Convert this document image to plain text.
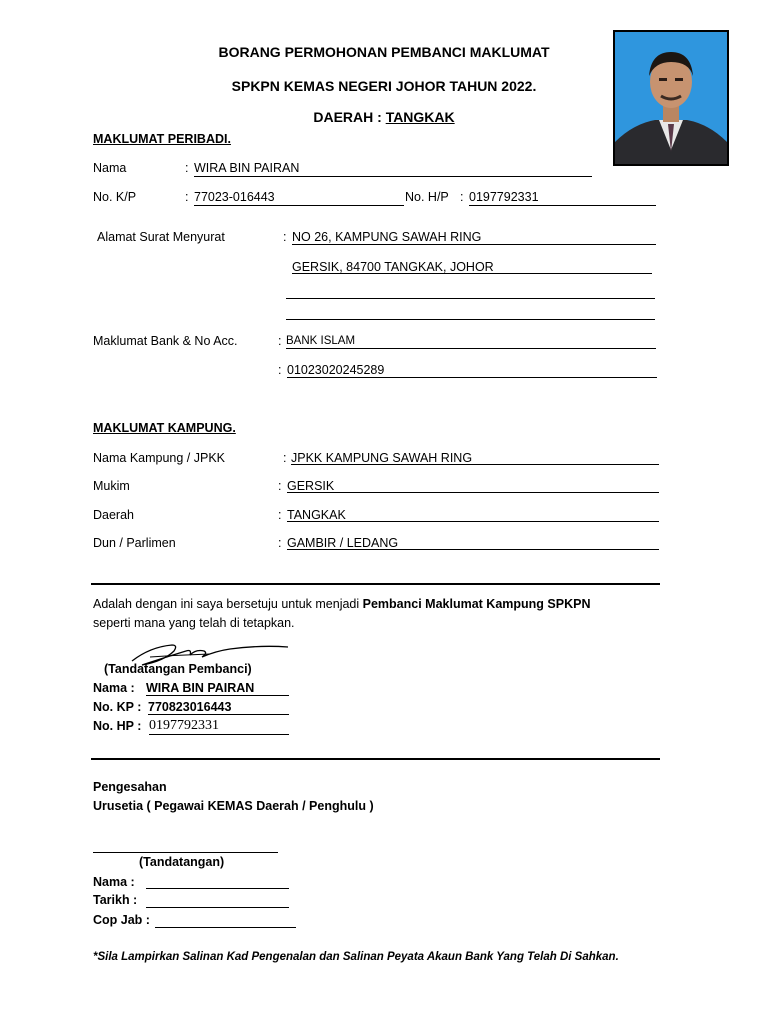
BORANG PERMOHONAN PEMBANCI MAKLUMAT
SPKPN KEMAS NEGERI JOHOR TAHUN 2022.
DAERAH : TANGKAK
MAKLUMAT PERIBADI.
Nama	: WIRA BIN PAIRAN
No. K/P	: 77023-016443	No. H/P : 0197792331
Alamat Surat Menyurat	: NO 26, KAMPUNG SAWAH RING
GERSIK, 84700 TANGKAK, JOHOR
Maklumat Bank & No Acc.	: BANK ISLAM
: 01023020245289
MAKLUMAT KAMPUNG.
Nama Kampung / JPKK	: JPKK KAMPUNG SAWAH RING
Mukim	: GERSIK
Daerah	: TANGKAK
Dun / Parlimen	: GAMBIR / LEDANG
Adalah dengan ini saya bersetuju untuk menjadi Pembanci Maklumat Kampung SPKPN
seperti mana yang telah di tetapkan.
(Tandatangan Pembanci)
Nama : WIRA BIN PAIRAN
No. KP : 770823016443
No. HP : 0197792331
Pengesahan
Urusetia ( Pegawai KEMAS Daerah / Penghulu )
(Tandatangan)
Nama :
Tarikh :
Cop Jab :
*Sila Lampirkan Salinan Kad Pengenalan dan Salinan Peyata Akaun Bank Yang Telah Di Sahkan.
